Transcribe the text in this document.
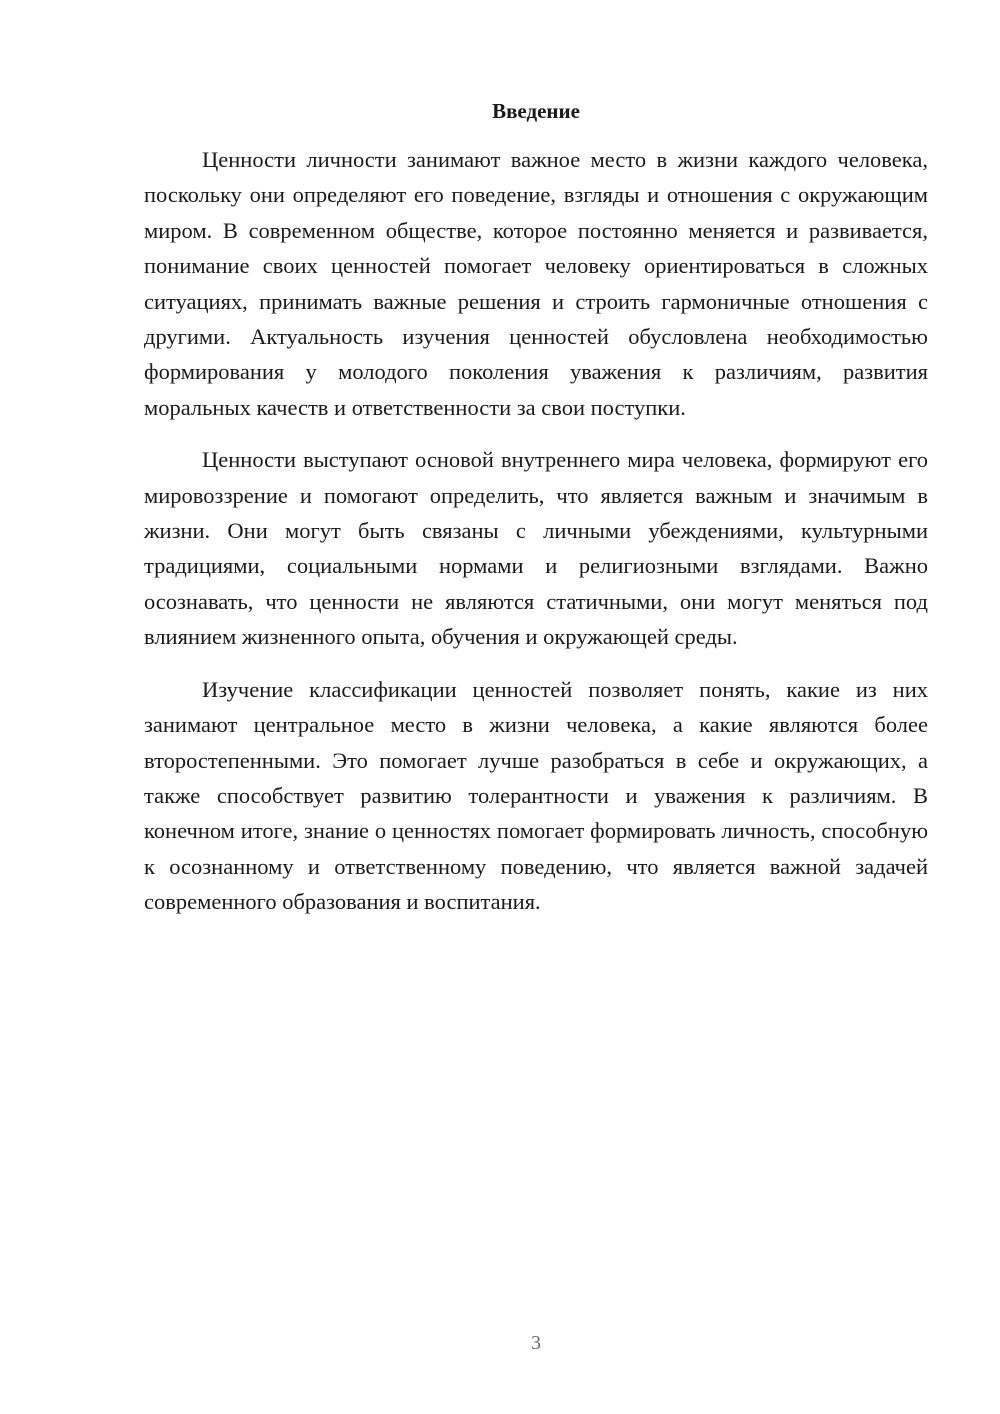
Введение

Ценности личности занимают важное место в жизни каждого человека, поскольку они определяют его поведение, взгляды и отношения с окружающим миром. В современном обществе, которое постоянно меняется и развивается, понимание своих ценностей помогает человеку ориентироваться в сложных ситуациях, принимать важные решения и строить гармоничные отношения с другими. Актуальность изучения ценностей обусловлена необходимостью формирования у молодого поколения уважения к различиям, развития моральных качеств и ответственности за свои поступки.

Ценности выступают основой внутреннего мира человека, формируют его мировоззрение и помогают определить, что является важным и значимым в жизни. Они могут быть связаны с личными убеждениями, культурными традициями, социальными нормами и религиозными взглядами. Важно осознавать, что ценности не являются статичными, они могут меняться под влиянием жизненного опыта, обучения и окружающей среды.

Изучение классификации ценностей позволяет понять, какие из них занимают центральное место в жизни человека, а какие являются более второстепенными. Это помогает лучше разобраться в себе и окружающих, а также способствует развитию толерантности и уважения к различиям. В конечном итоге, знание о ценностях помогает формировать личность, способную к осознанному и ответственному поведению, что является важной задачей современного образования и воспитания.

3
